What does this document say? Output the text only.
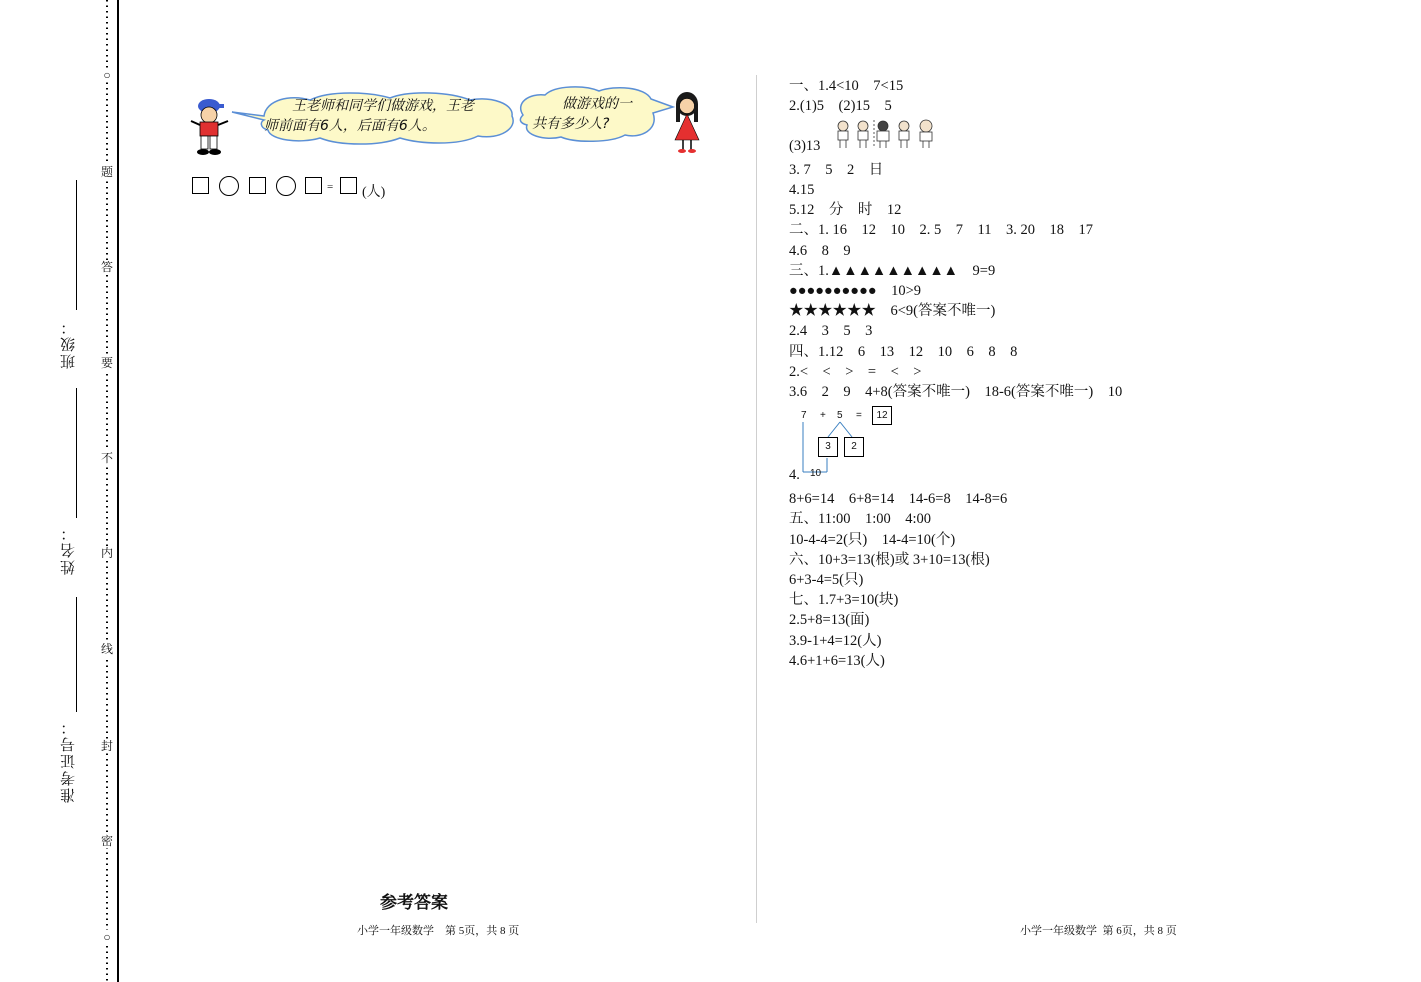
○
题
答
要
不
内
线
封
密
○
班级：
姓名：
准考证号：
王老师和同学们做游戏，王老
师前面有6人，后面有6人。
做游戏的一
共有多少人?
= (人)
参考答案
小学一年级数学　第 5页，共 8 页
一、1.4<10　7<15
2.(1)5　(2)15　5
(3)13
3. 7　5　2　日
4.15
5.12　分　时　12
二、1. 16　12　10　2. 5　7　11　3. 20　18　17
4.6　8　9
三、1.▲▲▲▲▲▲▲▲▲　9=9
●●●●●●●●●●　10>9
★★★★★★　6<9(答案不唯一)
2.4　3　5　3
四、1.12　6　13　12　10　6　8　8
2.<　<　>　=　<　>
3.6　2　9　4+8(答案不唯一)　18-6(答案不唯一)　10
7 + 5 =	12
3	2
4. 10
8+6=14　6+8=14　14-6=8　14-8=6
五、11:00　1:00　4:00
10-4-4=2(只)　14-4=10(个)
六、10+3=13(根)或 3+10=13(根)
6+3-4=5(只)
七、1.7+3=10(块)
2.5+8=13(面)
3.9-1+4=12(人)
4.6+1+6=13(人)
小学一年级数学  第 6页，共 8 页
